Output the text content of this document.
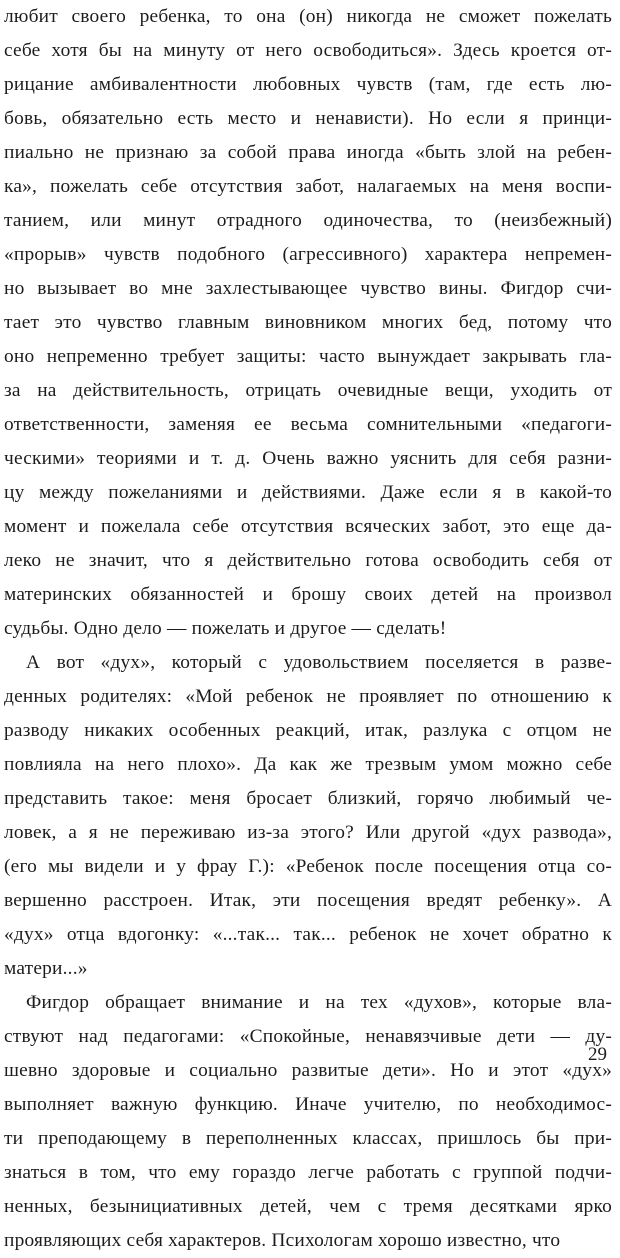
любит своего ребенка, то она (он) никогда не сможет пожелать
себе хотя бы на минуту от него освободиться». Здесь кроется от-
рицание амбивалентности любовных чувств (там, где есть лю-
бовь, обязательно есть место и ненависти). Но если я принци-
пиально не признаю за собой права иногда «быть злой на ребен-
ка», пожелать себе отсутствия забот, налагаемых на меня воспи-
танием, или минут отрадного одиночества, то (неизбежный)
«прорыв» чувств подобного (агрессивного) характера непремен-
но вызывает во мне захлестывающее чувство вины. Фигдор счи-
тает это чувство главным виновником многих бед, потому что
оно непременно требует защиты: часто вынуждает закрывать гла-
за на действительность, отрицать очевидные вещи, уходить от
ответственности, заменяя ее весьма сомнительными «педагоги-
ческими» теориями и т. д. Очень важно уяснить для себя разни-
цу между пожеланиями и действиями. Даже если я в какой-то
момент и пожелала себе отсутствия всяческих забот, это еще да-
леко не значит, что я действительно готова освободить себя от
материнских обязанностей и брошу своих детей на произвол
судьбы. Одно дело — пожелать и другое — сделать!
А вот «дух», который с удовольствием поселяется в разве-
денных родителях: «Мой ребенок не проявляет по отношению к
разводу никаких особенных реакций, итак, разлука с отцом не
повлияла на него плохо». Да как же трезвым умом можно себе
представить такое: меня бросает близкий, горячо любимый че-
ловек, а я не переживаю из-за этого? Или другой «дух развода»,
(его мы видели и у фрау Г.): «Ребенок после посещения отца со-
вершенно расстроен. Итак, эти посещения вредят ребенку». А
«дух» отца вдогонку: «...так... так... ребенок не хочет обратно к
матери...»
Фигдор обращает внимание и на тех «духов», которые вла-
ствуют над педагогами: «Спокойные, ненавязчивые дети — ду-
шевно здоровые и социально развитые дети». Но и этот «дух»
выполняет важную функцию. Иначе учителю, по необходимос-
ти преподающему в переполненных классах, пришлось бы при-
знаться в том, что ему гораздо легче работать с группой подчи-
ненных, безынициативных детей, чем с тремя десятками ярко
проявляющих себя характеров. Психологам хорошо известно, что
29
